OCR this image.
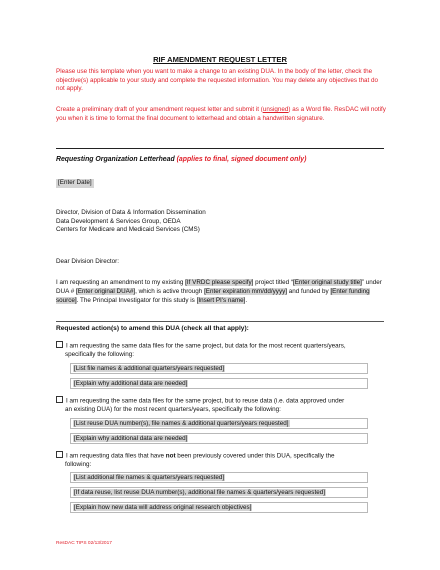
RIF AMENDMENT REQUEST LETTER
Please use this template when you want to make a change to an existing DUA. In the body of the letter, check the objective(s) applicable to your study and complete the requested information. You may delete any objectives that do not apply.
Create a preliminary draft of your amendment request letter and submit it (unsigned) as a Word file. ResDAC will notify you when it is time to format the final document to letterhead and obtain a handwritten signature.
Requesting Organization Letterhead (applies to final, signed document only)
[Enter Date]
Director, Division of Data & Information Dissemination
Data Development & Services Group, OEDA
Centers for Medicare and Medicaid Services (CMS)
Dear Division Director:
I am requesting an amendment to my existing [If VRDC please specify] project titled “[Enter original study title]” under DUA # [Enter original DUA#], which is active through [Enter expiration mm/dd/yyyy] and funded by [Enter funding source]. The Principal Investigator for this study is [Insert PI's name].
Requested action(s) to amend this DUA (check all that apply):
I am requesting the same data files for the same project, but data for the most recent quarters/years,
specifically the following:
[List file names & additional quarters/years requested]
[Explain why additional data are needed]
I am requesting the same data files for the same project, but to reuse data (i.e. data approved under
an existing DUA) for the most recent quarters/years, specifically the following:
[List reuse DUA number(s), file names & additional quarters/years requested]
[Explain why additional data are needed]
I am requesting data files that have not been previously covered under this DUA, specifically the
following:
[List additional file names & quarters/years requested]
[If data reuse, list reuse DUA number(s), additional file names & quarters/years requested]
[Explain how new data will address original research objectives]
ResDAC TIPS 02/13/2017
